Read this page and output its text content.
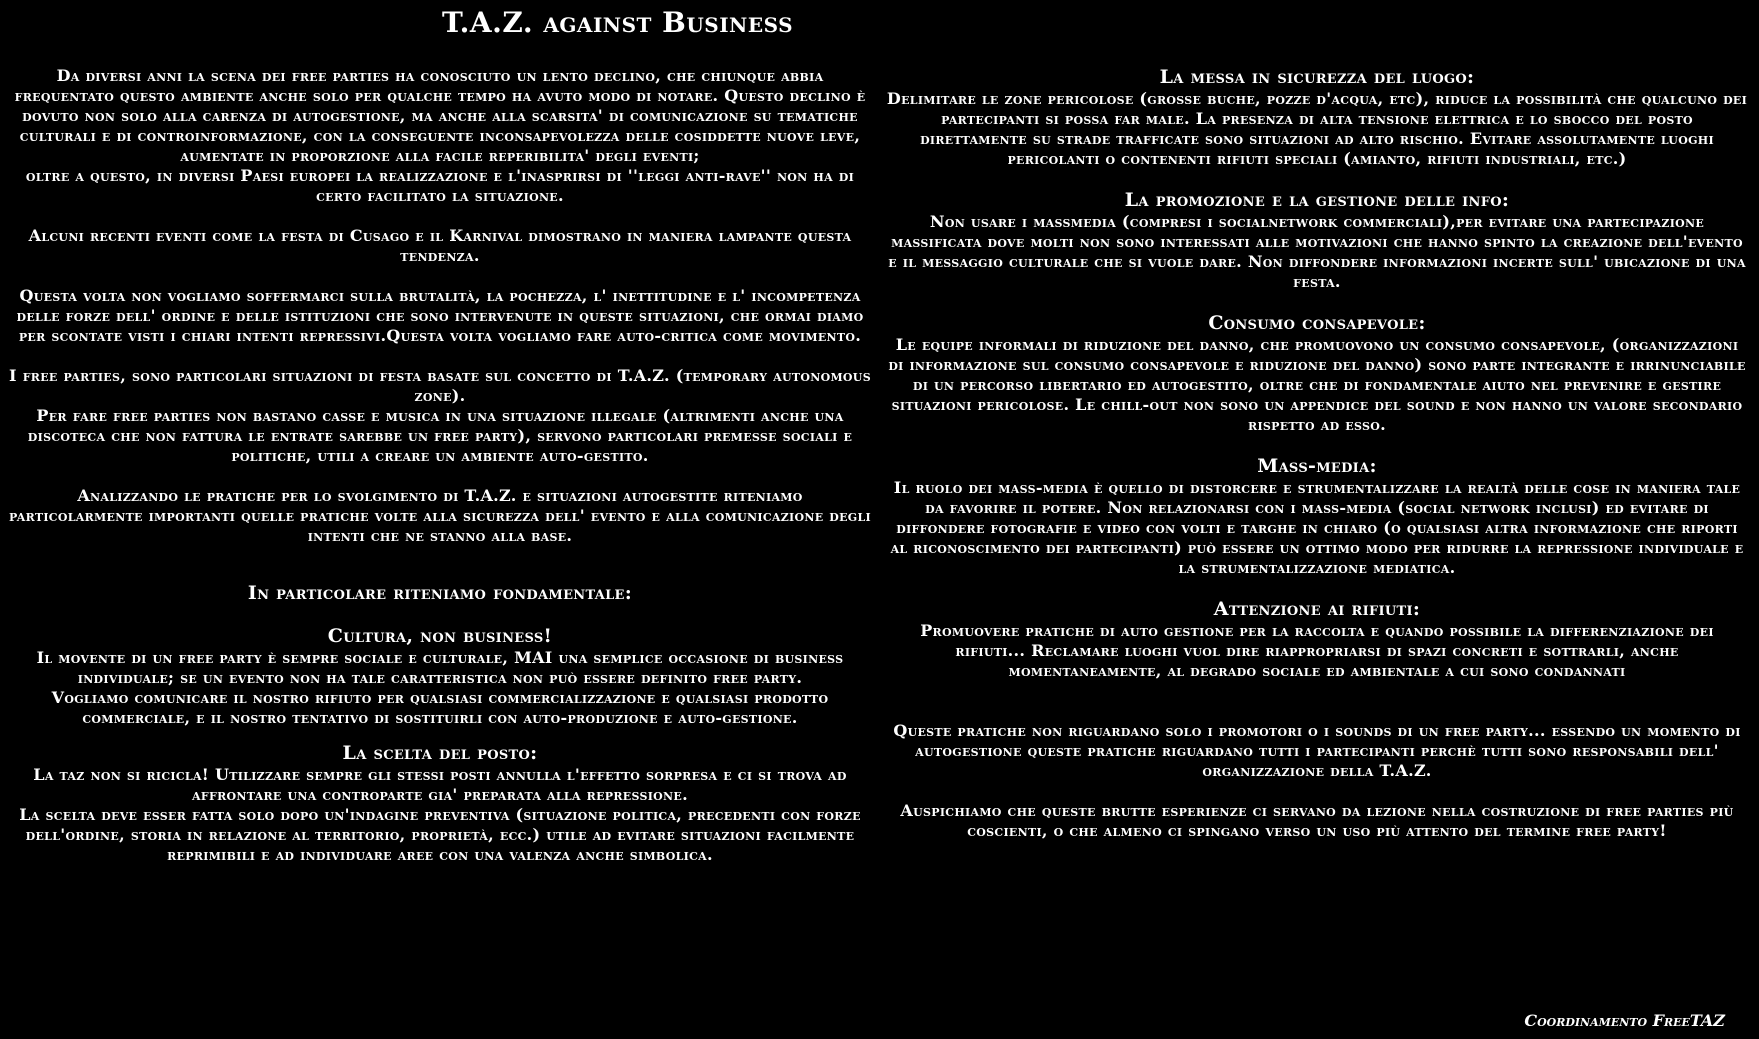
T.A.Z. against Business

Da diversi anni la scena dei free parties ha conosciuto un lento declino, che chiunque abbia frequentato questo ambiente anche solo per qualche tempo ha avuto modo di notare. Questo declino è dovuto non solo alla carenza di autogestione, ma anche alla scarsita' di comunicazione su tematiche culturali e di controinformazione, con la conseguente inconsapevolezza delle cosiddette nuove leve, aumentate in proporzione alla facile reperibilita' degli eventi;
oltre a questo, in diversi Paesi europei la realizzazione e l'inasprirsi di ''leggi anti-rave'' non ha di certo facilitato la situazione.

Alcuni recenti eventi come la festa di Cusago e il Karnival dimostrano in maniera lampante questa tendenza.

Questa volta non vogliamo soffermarci sulla brutalità, la pochezza, l' inettitudine e l' incompetenza delle forze dell' ordine e delle istituzioni che sono intervenute in queste situazioni, che ormai diamo per scontate visti i chiari intenti repressivi.Questa volta vogliamo fare auto-critica come movimento.

I free parties, sono particolari situazioni di festa basate sul concetto di T.A.Z. (temporary autonomous zone).
Per fare free parties non bastano casse e musica in una situazione illegale (altrimenti anche una discoteca che non fattura le entrate sarebbe un free party), servono particolari premesse sociali e politiche, utili a creare un ambiente auto-gestito.

Analizzando le pratiche per lo svolgimento di T.A.Z. e situazioni autogestite riteniamo particolarmente importanti quelle pratiche volte alla sicurezza dell' evento e alla comunicazione degli intenti che ne stanno alla base.

In particolare riteniamo fondamentale:
Cultura, non business!

Il movente di un free party è sempre sociale e culturale, MAI una semplice occasione di business individuale; se un evento non ha tale caratteristica non può essere definito free party.
Vogliamo comunicare il nostro rifiuto per qualsiasi commercializzazione e qualsiasi prodotto commerciale, e il nostro tentativo di sostituirli con auto-produzione e auto-gestione.

La scelta del posto:

La taz non si ricicla! Utilizzare sempre gli stessi posti annulla l'effetto sorpresa e ci si trova ad affrontare una controparte gia' preparata alla repressione.
La scelta deve esser fatta solo dopo un'indagine preventiva (situazione politica, precedenti con forze dell'ordine, storia in relazione al territorio, proprietà, ecc.) utile ad evitare situazioni facilmente reprimibili e ad individuare aree con una valenza anche simbolica.

La messa in sicurezza del luogo:

Delimitare le zone pericolose (grosse buche, pozze d'acqua, etc), riduce la possibilità che qualcuno dei partecipanti si possa far male. La presenza di alta tensione elettrica e lo sbocco del posto direttamente su strade trafficate sono situazioni ad alto rischio. Evitare assolutamente luoghi pericolanti o contenenti rifiuti speciali (amianto, rifiuti industriali, etc.)

La promozione e la gestione delle info:

Non usare i massmedia (compresi i socialnetwork commerciali),per evitare una partecipazione massificata dove molti non sono interessati alle motivazioni che hanno spinto la creazione dell'evento e il messaggio culturale che si vuole dare. Non diffondere informazioni incerte sull' ubicazione di una festa.

Consumo consapevole:

Le equipe informali di riduzione del danno, che promuovono un consumo consapevole, (organizzazioni di informazione sul consumo consapevole e riduzione del danno) sono parte integrante e irrinunciabile di un percorso libertario ed autogestito, oltre che di fondamentale aiuto nel prevenire e gestire situazioni pericolose. Le chill-out non sono un appendice del sound e non hanno un valore secondario rispetto ad esso.

Mass-media:

Il ruolo dei mass-media è quello di distorcere e strumentalizzare la realtà delle cose in maniera tale da favorire il potere. Non relazionarsi con i mass-media (social network inclusi) ed evitare di diffondere fotografie e video con volti e targhe in chiaro (o qualsiasi altra informazione che riporti al riconoscimento dei partecipanti) può essere un ottimo modo per ridurre la repressione individuale e la strumentalizzazione mediatica.

Attenzione ai rifiuti:

Promuovere pratiche di auto gestione per la raccolta e quando possibile la differenziazione dei rifiuti... Reclamare luoghi vuol dire riappropriarsi di spazi concreti e sottrarli, anche momentaneamente, al degrado sociale ed ambientale a cui sono condannati

Queste pratiche non riguardano solo i promotori o i sounds di un free party... essendo un momento di autogestione queste pratiche riguardano tutti i partecipanti perchè tutti sono responsabili dell' organizzazione della T.A.Z.

Auspichiamo che queste brutte esperienze ci servano da lezione nella costruzione di free parties più coscienti, o che almeno ci spingano verso un uso più attento del termine free party!

Coordinamento FreeTAZ
